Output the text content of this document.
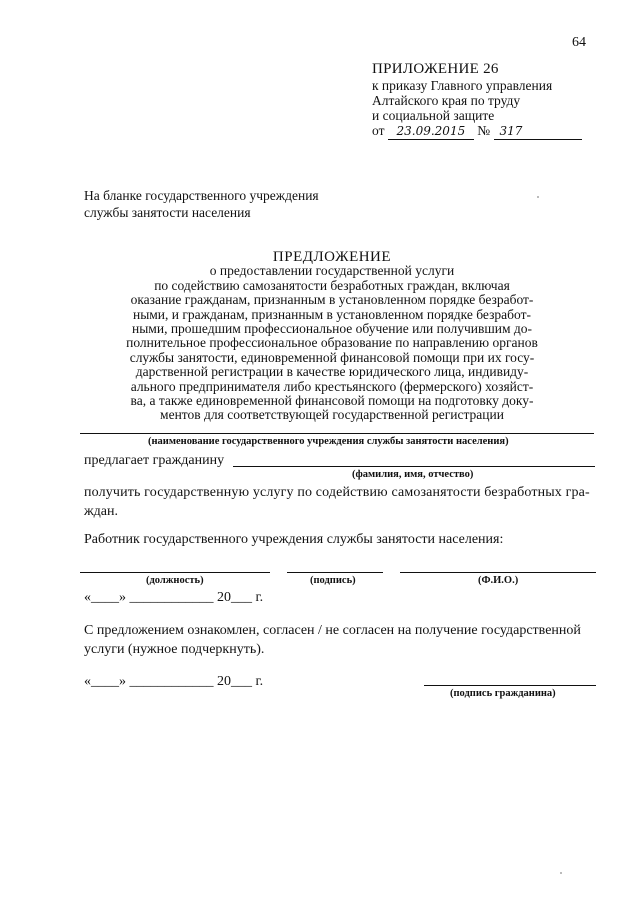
64
ПРИЛОЖЕНИЕ 26
к приказу Главного управления
Алтайского края по труду
и социальной защите
от 23.09.2015 № 317
На бланке государственного учреждения
службы занятости населения
ПРЕДЛОЖЕНИЕ
о предоставлении государственной услуги
по содействию самозанятости безработных граждан, включая
оказание гражданам, признанным в установленном порядке безработ-
ными, и гражданам, признанным в установленном порядке безработ-
ными, прошедшим профессиональное обучение или получившим до-
полнительное профессиональное образование по направлению органов
службы занятости, единовременной финансовой помощи при их госу-
дарственной регистрации в качестве юридического лица, индивиду-
ального предпринимателя либо крестьянского (фермерского) хозяйст-
ва, а также единовременной финансовой помощи на подготовку доку-
ментов для соответствующей государственной регистрации
(наименование государственного учреждения службы занятости населения)
предлагает гражданину
(фамилия, имя, отчество)
получить государственную услугу по содействию самозанятости безработных гра-
ждан.
Работник государственного учреждения службы занятости населения:
(должность)	(подпись)	(Ф.И.О.)
«____» ____________ 20___ г.
С предложением ознакомлен, согласен / не согласен на получение государственной
услуги (нужное подчеркнуть).
«____» ____________ 20___ г.
(подпись гражданина)
